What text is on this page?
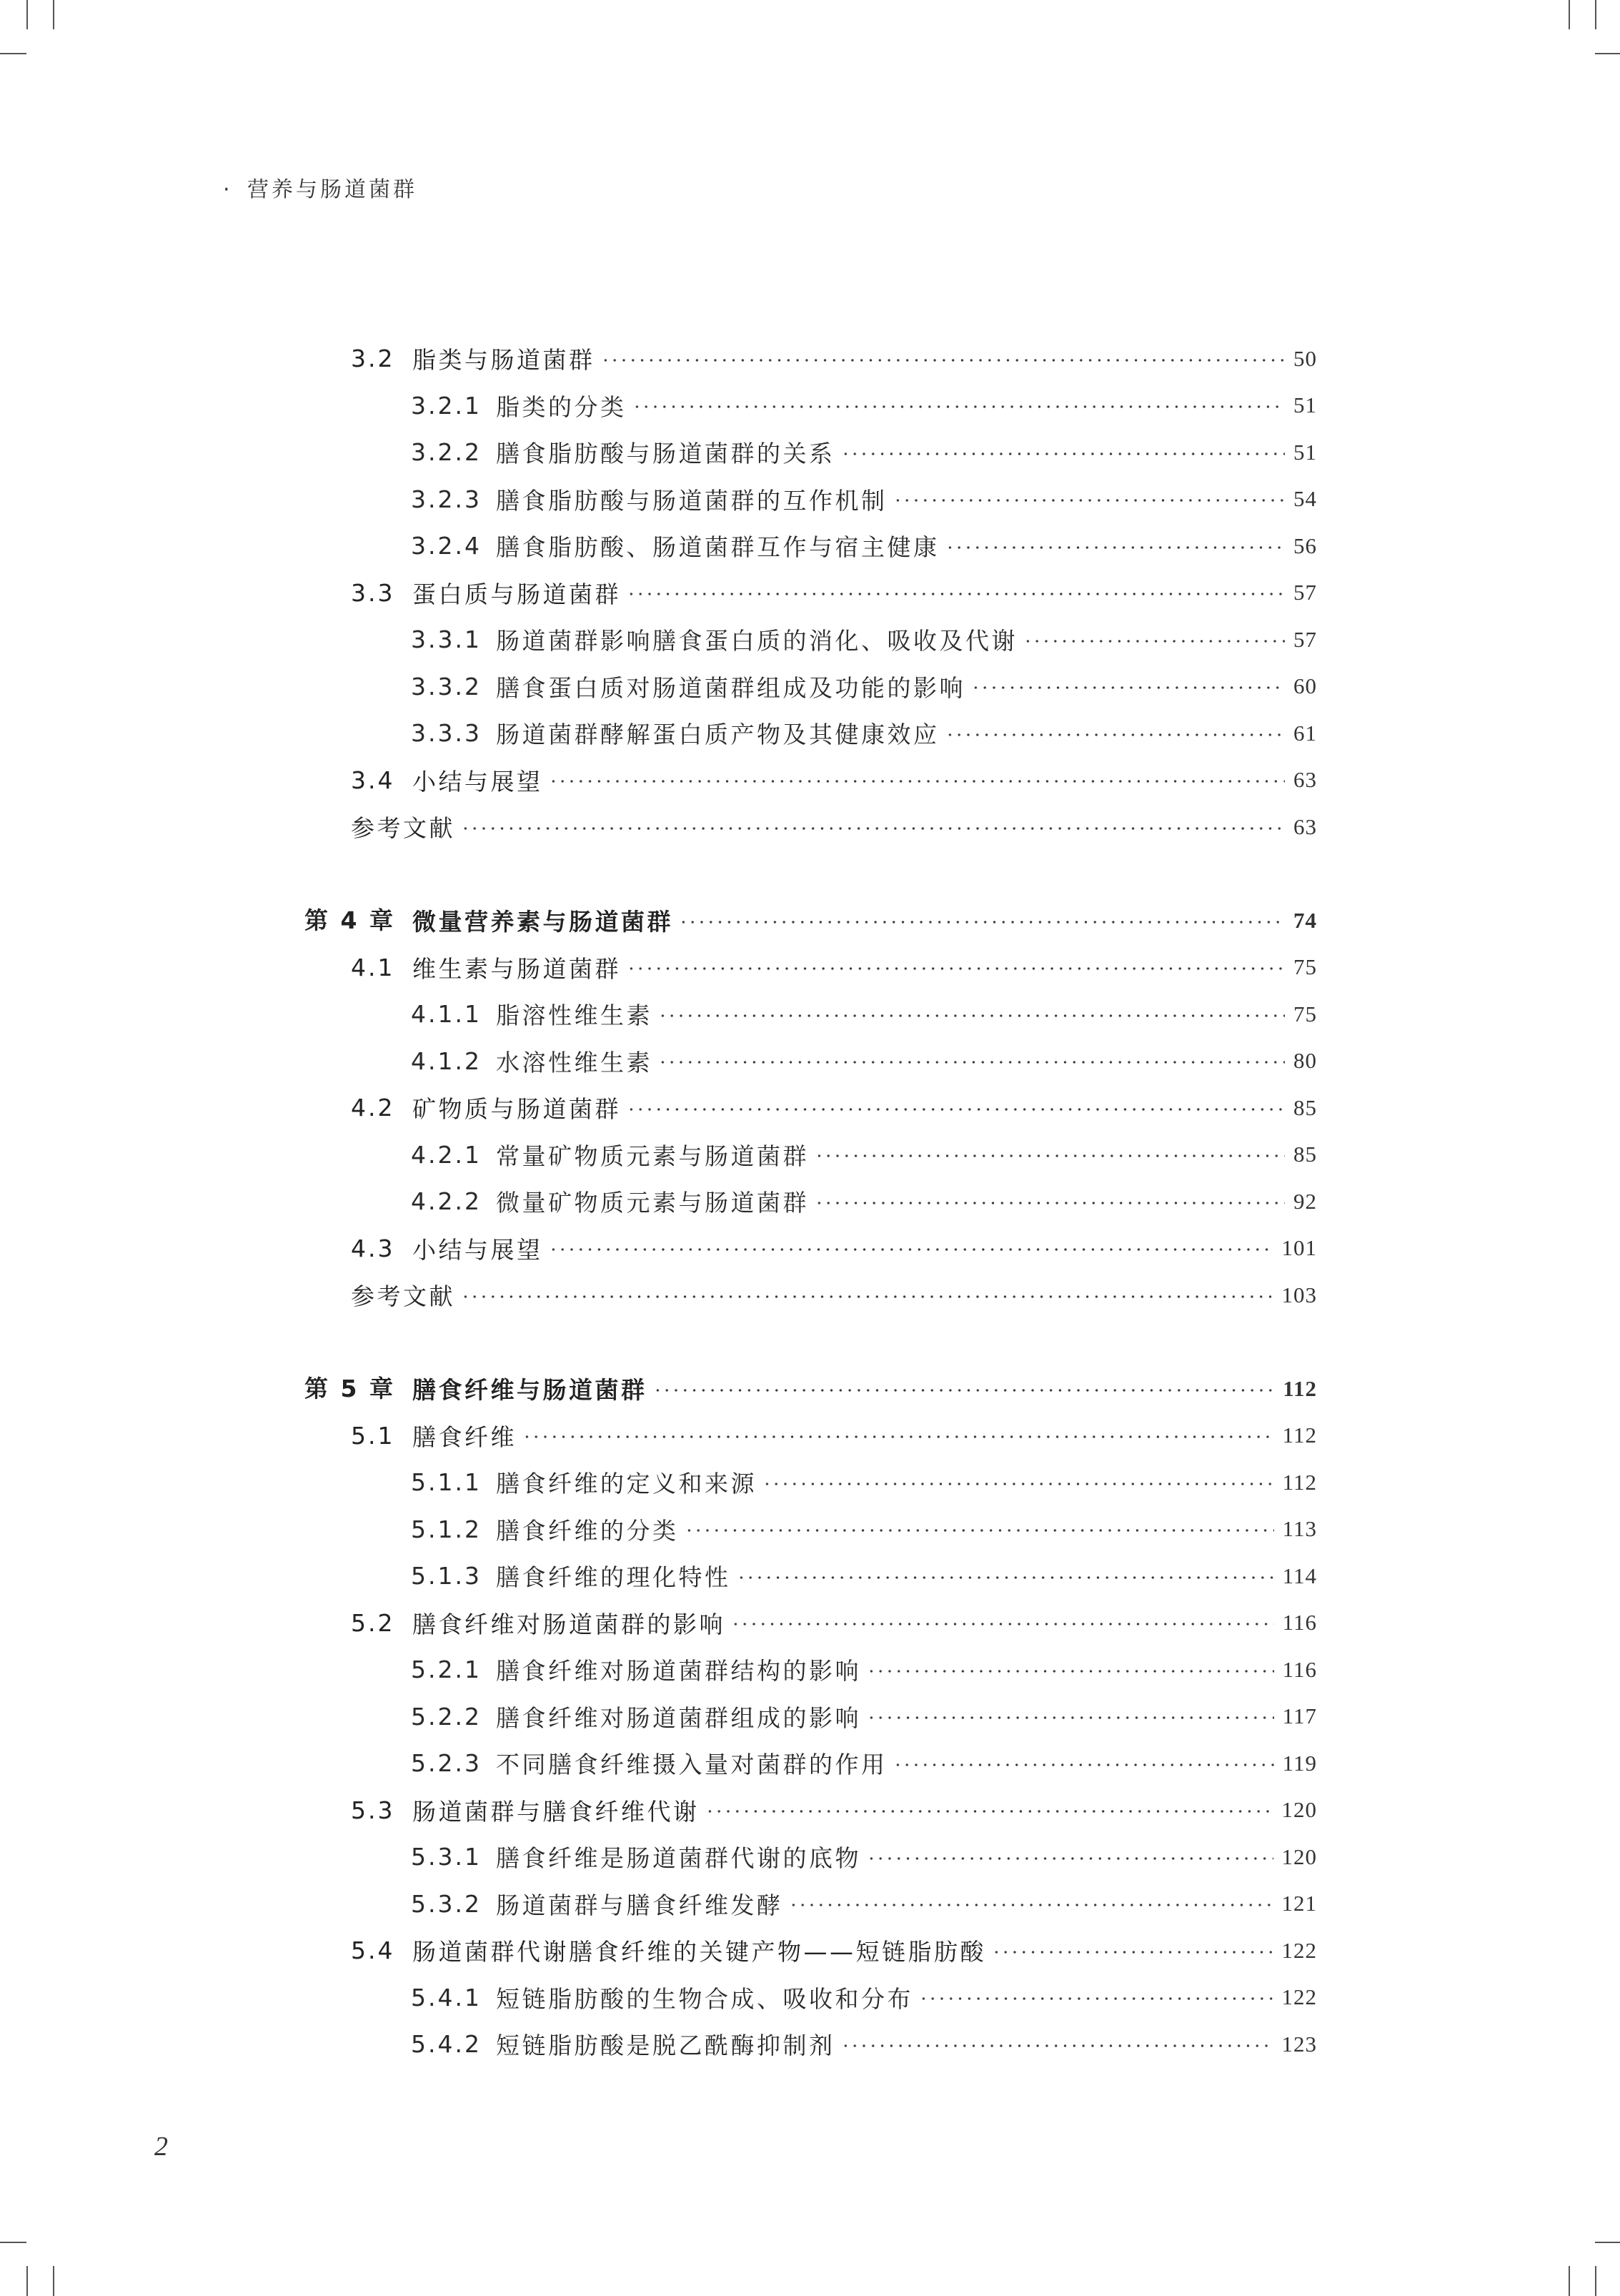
· 营养与肠道菌群
3.2 脂类与肠道菌群	50
3.2.1 脂类的分类	51
3.2.2 膳食脂肪酸与肠道菌群的关系	51
3.2.3 膳食脂肪酸与肠道菌群的互作机制	54
3.2.4 膳食脂肪酸、肠道菌群互作与宿主健康	56
3.3 蛋白质与肠道菌群	57
3.3.1 肠道菌群影响膳食蛋白质的消化、吸收及代谢	57
3.3.2 膳食蛋白质对肠道菌群组成及功能的影响	60
3.3.3 肠道菌群酵解蛋白质产物及其健康效应	61
3.4 小结与展望	63
参考文献	63
第 4 章 微量营养素与肠道菌群	74
4.1 维生素与肠道菌群	75
4.1.1 脂溶性维生素	75
4.1.2 水溶性维生素	80
4.2 矿物质与肠道菌群	85
4.2.1 常量矿物质元素与肠道菌群	85
4.2.2 微量矿物质元素与肠道菌群	92
4.3 小结与展望	101
参考文献	103
第 5 章 膳食纤维与肠道菌群	112
5.1 膳食纤维	112
5.1.1 膳食纤维的定义和来源	112
5.1.2 膳食纤维的分类	113
5.1.3 膳食纤维的理化特性	114
5.2 膳食纤维对肠道菌群的影响	116
5.2.1 膳食纤维对肠道菌群结构的影响	116
5.2.2 膳食纤维对肠道菌群组成的影响	117
5.2.3 不同膳食纤维摄入量对菌群的作用	119
5.3 肠道菌群与膳食纤维代谢	120
5.3.1 膳食纤维是肠道菌群代谢的底物	120
5.3.2 肠道菌群与膳食纤维发酵	121
5.4 肠道菌群代谢膳食纤维的关键产物——短链脂肪酸	122
5.4.1 短链脂肪酸的生物合成、吸收和分布	122
5.4.2 短链脂肪酸是脱乙酰酶抑制剂	123
2
